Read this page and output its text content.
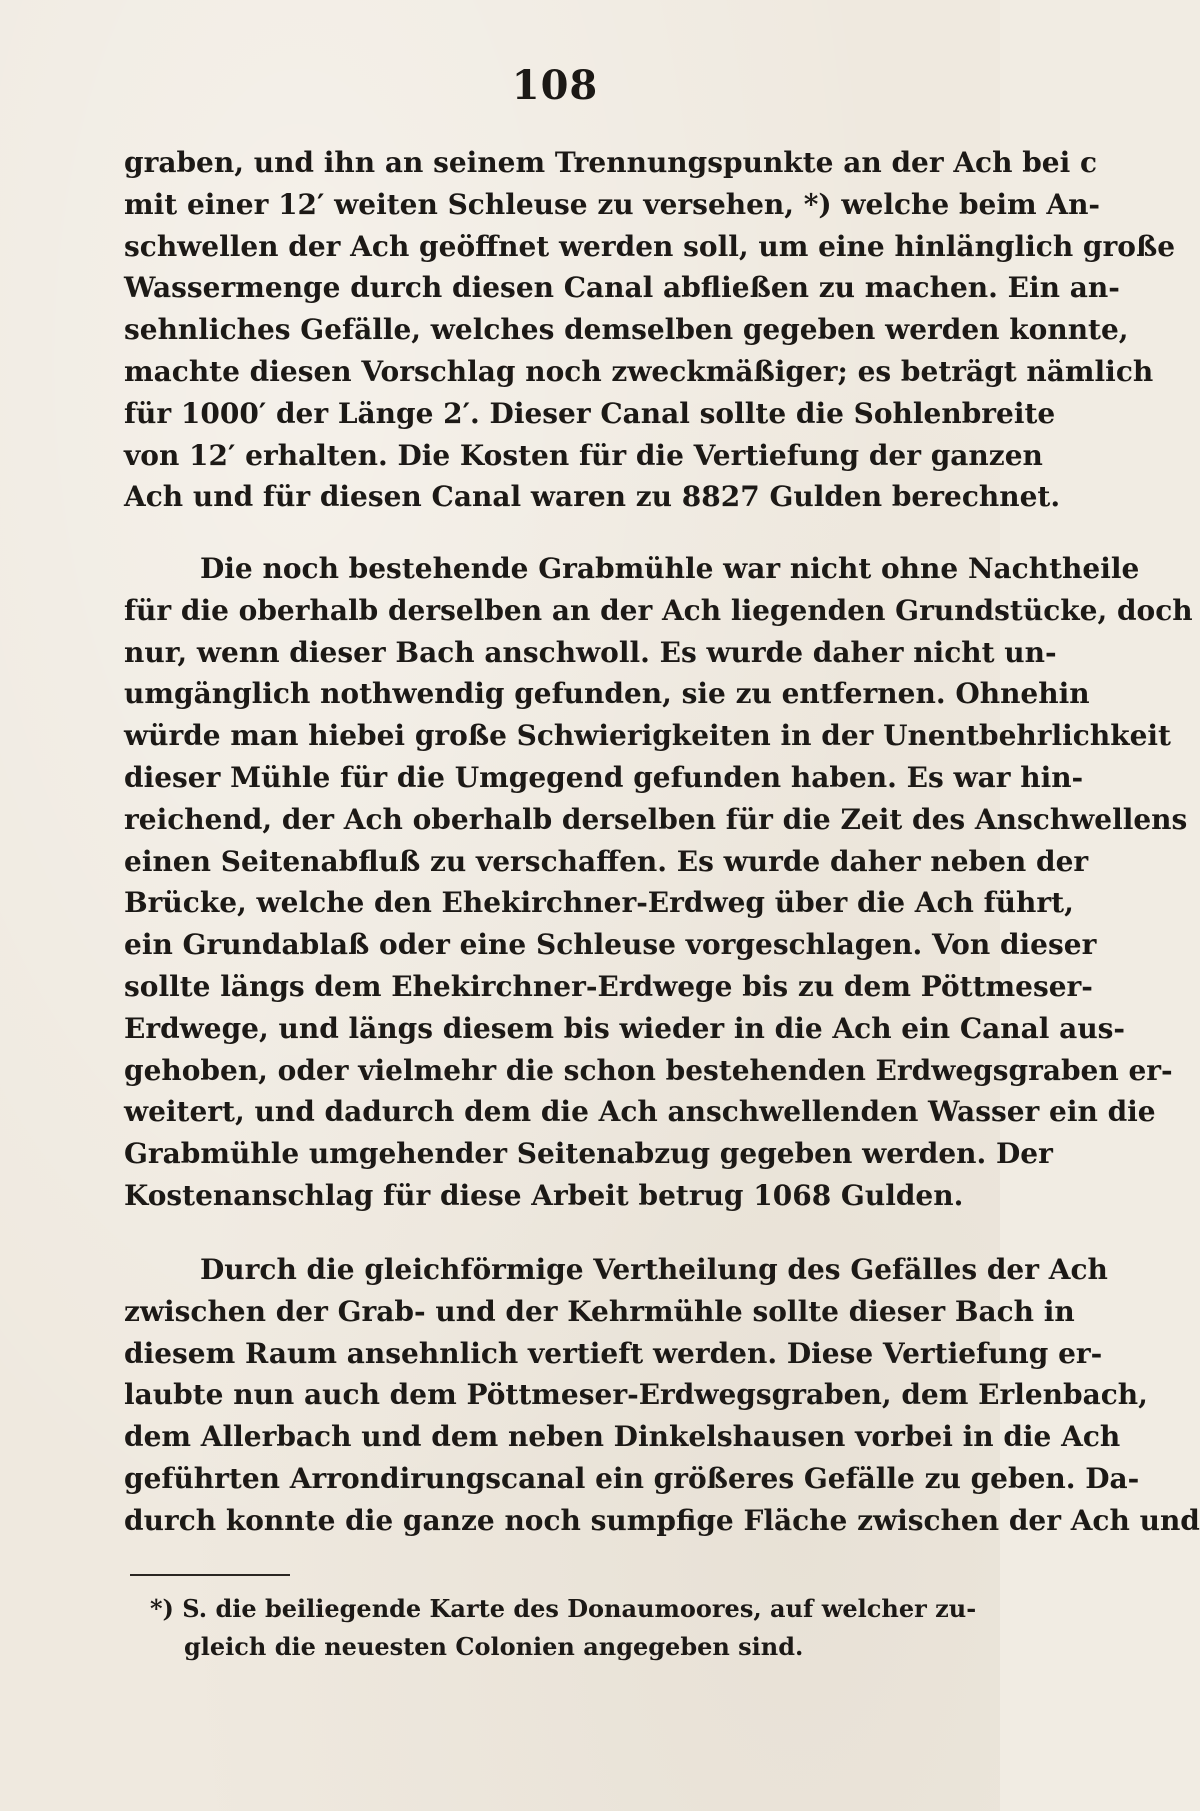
108
graben, und ihn an seinem Trennungspunkte an der Ach bei c
mit einer 12′ weiten Schleuse zu versehen, *) welche beim An-
schwellen der Ach geöffnet werden soll, um eine hinlänglich große
Wassermenge durch diesen Canal abfließen zu machen. Ein an-
sehnliches Gefälle, welches demselben gegeben werden konnte,
machte diesen Vorschlag noch zweckmäßiger; es beträgt nämlich
für 1000′ der Länge 2′. Dieser Canal sollte die Sohlenbreite
von 12′ erhalten. Die Kosten für die Vertiefung der ganzen
Ach und für diesen Canal waren zu 8827 Gulden berechnet.
Die noch bestehende Grabmühle war nicht ohne Nachtheile
für die oberhalb derselben an der Ach liegenden Grundstücke, doch
nur, wenn dieser Bach anschwoll. Es wurde daher nicht un-
umgänglich nothwendig gefunden, sie zu entfernen. Ohnehin
würde man hiebei große Schwierigkeiten in der Unentbehrlichkeit
dieser Mühle für die Umgegend gefunden haben. Es war hin-
reichend, der Ach oberhalb derselben für die Zeit des Anschwellens
einen Seitenabfluß zu verschaffen. Es wurde daher neben der
Brücke, welche den Ehekirchner-Erdweg über die Ach führt,
ein Grundablaß oder eine Schleuse vorgeschlagen. Von dieser
sollte längs dem Ehekirchner-Erdwege bis zu dem Pöttmeser-
Erdwege, und längs diesem bis wieder in die Ach ein Canal aus-
gehoben, oder vielmehr die schon bestehenden Erdwegsgraben er-
weitert, und dadurch dem die Ach anschwellenden Wasser ein die
Grabmühle umgehender Seitenabzug gegeben werden. Der
Kostenanschlag für diese Arbeit betrug 1068 Gulden.
Durch die gleichförmige Vertheilung des Gefälles der Ach
zwischen der Grab- und der Kehrmühle sollte dieser Bach in
diesem Raum ansehnlich vertieft werden. Diese Vertiefung er-
laubte nun auch dem Pöttmeser-Erdwegsgraben, dem Erlenbach,
dem Allerbach und dem neben Dinkelshausen vorbei in die Ach
geführten Arrondirungscanal ein größeres Gefälle zu geben. Da-
durch konnte die ganze noch sumpfige Fläche zwischen der Ach und
*) S. die beiliegende Karte des Donaumoores, auf welcher zu-
gleich die neuesten Colonien angegeben sind.
